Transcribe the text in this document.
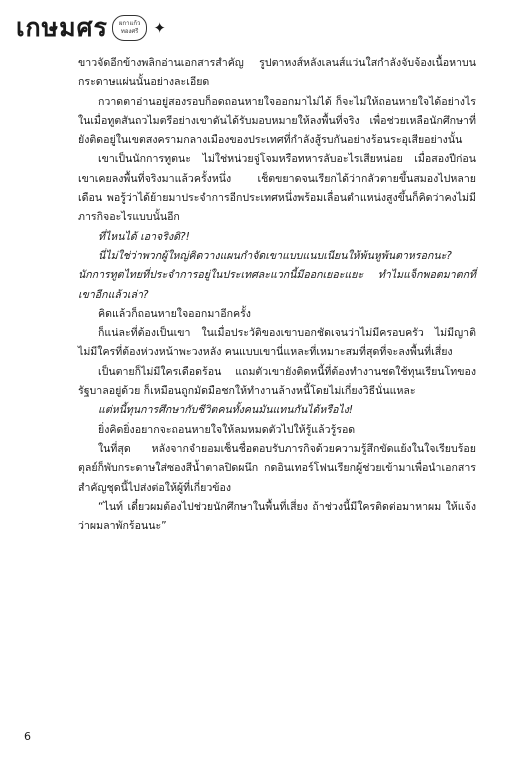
เกษมศร ผกาแก้ว
ทองศรี ✦

ขาวจัดอีกข้างพลิกอ่านเอกสารสำคัญ รูปตาหงส์หลังเลนส์แว่นใสกำลังจับจ้องเนื้อหาบนกระดาษแผ่นนั้นอย่างละเอียด

กวาดตาอ่านอยู่สองรอบก็อดถอนหายใจออกมาไม่ได้ ก็จะไม่ให้ถอนหายใจได้อย่างไร ในเมื่อทูตสันถวไมตรีอย่างเขาดันได้รับมอบหมายให้ลงพื้นที่จริง เพื่อช่วยเหลือนักศึกษาที่ยังติดอยู่ในเขตสงครามกลางเมืองของประเทศที่กำลังสู้รบกันอย่างร้อนระอุเสียอย่างนั้น

เขาเป็นนักการทูตนะ ไม่ใช่หน่วยจู่โจมหรือทหารลับอะไรเสียหน่อย เมื่อสองปีก่อนเขาเคยลงพื้นที่จริงมาแล้วครั้งหนึ่ง เช็ตขยาดจนเรียกได้ว่ากลัวตายขึ้นสมองไปหลายเดือน พอรู้ว่าได้ย้ายมาประจำการอีกประเทศหนึ่งพร้อมเลื่อนตำแหน่งสูงขึ้นก็คิดว่าคงไม่มีภารกิจอะไรแบบนั้นอีก

ที่ไหนได้ เอาจริงดิ?!

นี่ไม่ใช่ว่าพวกผู้ใหญ่คิดวางแผนกำจัดเขาแบบแนบเนียนให้พ้นหูพ้นตาหรอกนะ? นักการทูตไทยที่ประจำการอยู่ในประเทศละแวกนี้มีออกเยอะแยะ ทำไมแจ็กพอตมาตกที่เขาอีกแล้วเล่า?

คิดแล้วก็ถอนหายใจออกมาอีกครั้ง

ก็แน่ละที่ต้องเป็นเขา ในเมื่อประวัติของเขาบอกชัดเจนว่าไม่มีครอบครัว ไม่มีญาติ ไม่มีใครที่ต้องห่วงหน้าพะวงหลัง คนแบบเขานี่แหละที่เหมาะสมที่สุดที่จะลงพื้นที่เสี่ยง

เป็นตายก็ไม่มีใครเดือดร้อน แถมตัวเขายังติดหนี้ที่ต้องทำงานชดใช้ทุนเรียนโทของรัฐบาลอยู่ด้วย ก็เหมือนถูกมัดมือชกให้ทำงานล้างหนี้โดยไม่เกี่ยงวิธีนั่นแหละ

แต่หนี้ทุนการศึกษากับชีวิตคนทั้งคนมันแทนกันได้หรือไง!

ยิ่งคิดยิ่งอยากจะถอนหายใจให้ลมหมดตัวไปให้รู้แล้วรู้รอด

ในที่สุด หลังจากจำยอมเซ็นชื่อตอบรับภารกิจด้วยความรู้สึกขัดแย้งในใจเรียบร้อย ตุลย์ก็พับกระดาษใส่ซองสีน้ำตาลปิดผนึก กดอินเทอร์โฟนเรียกผู้ช่วยเข้ามาเพื่อนำเอกสารสำคัญชุดนี้ไปส่งต่อให้ผู้ที่เกี่ยวข้อง

“ไนท์ เดี๋ยวผมต้องไปช่วยนักศึกษาในพื้นที่เสี่ยง ถ้าช่วงนี้มีใครติดต่อมาหาผม ให้แจ้งว่าผมลาพักร้อนนะ”

6
